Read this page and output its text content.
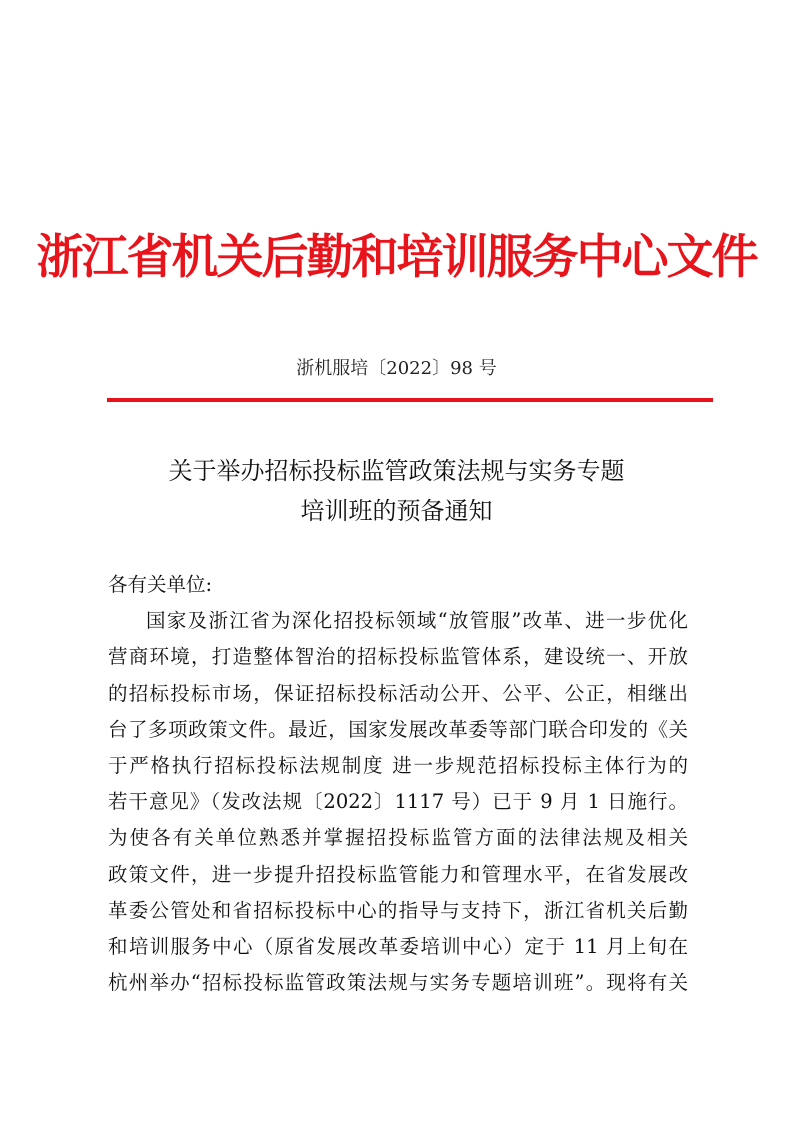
浙江省机关后勤和培训服务中心文件
浙机服培〔2022〕98 号
关于举办招标投标监管政策法规与实务专题
培训班的预备通知
各有关单位:
国家及浙江省为深化招投标领域“放管服”改革、进一步优化
营商环境，打造整体智治的招标投标监管体系，建设统一、开放
的招标投标市场，保证招标投标活动公开、公平、公正，相继出
台了多项政策文件。最近，国家发展改革委等部门联合印发的《关
于严格执行招标投标法规制度 进一步规范招标投标主体行为的
若干意见》（发改法规〔2022〕1117 号）已于 9 月 1 日施行。
为使各有关单位熟悉并掌握招投标监管方面的法律法规及相关
政策文件，进一步提升招投标监管能力和管理水平，在省发展改
革委公管处和省招标投标中心的指导与支持下，浙江省机关后勤
和培训服务中心（原省发展改革委培训中心）定于 11 月上旬在
杭州举办“招标投标监管政策法规与实务专题培训班”。现将有关
